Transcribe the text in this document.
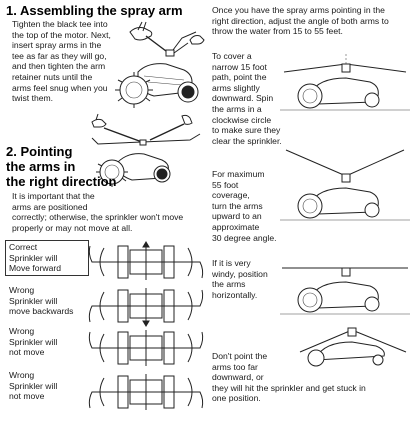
1. Assembling the spray arm
Tighten the black tee into
the top of the motor. Next,
insert spray arms in the
tee as far as they will go,
and then tighten the arm
retainer nuts until the
arms feel snug when you
twist them.
2. Pointing
the arms in
the right direction
It is important that the
arms are positioned
correctly; otherwise, the sprinkler won't move
properly or may not move at all.
Correct
Sprinkler will
Move forward
Wrong
Sprinkler will
move backwards
Wrong
Sprinkler will
not move
Wrong
Sprinkler will
not move
Once you have the spray arms pointing in the
right direction, adjust the angle of both arms to
throw the water from 15 to 55 feet.
To cover a
narrow 15 foot
path, point the
arms slightly
downward. Spin
the arms in a
clockwise circle
to make sure they
clear the sprinkler.
For maximum
55 foot
coverage,
turn the arms
upward to an
approximate
30 degree angle.
If it is very
windy, position
the arms
horizontally.
Don't point the
arms too far
downward, or
they will hit the sprinkler and get stuck in
one position.
